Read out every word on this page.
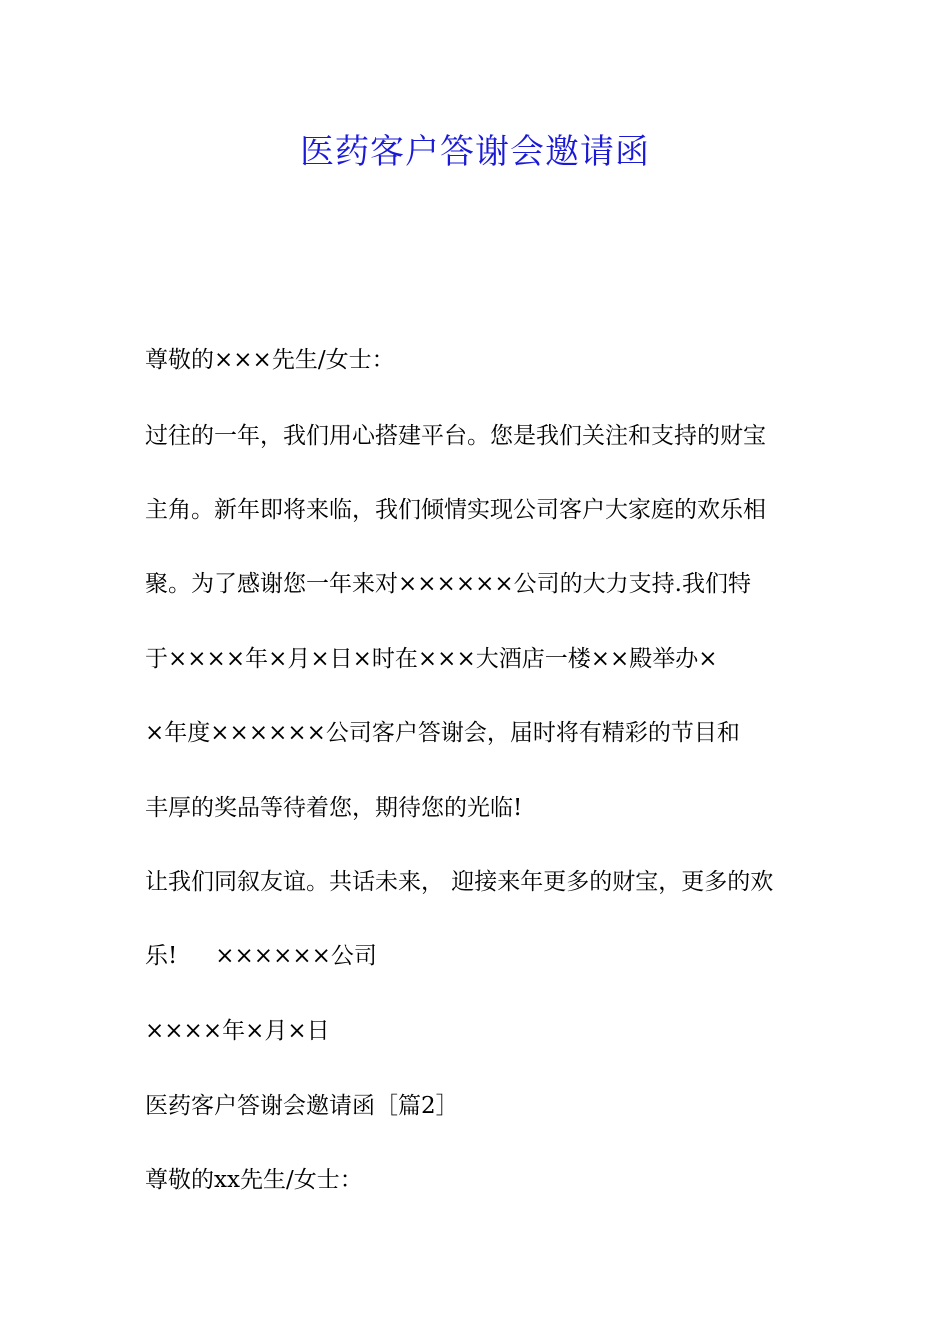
医药客户答谢会邀请函
尊敬的×××先生/女士：
过往的一年，我们用心搭建平台。您是我们关注和支持的财宝
主角。新年即将来临，我们倾情实现公司客户大家庭的欢乐相
聚。为了感谢您一年来对××××××公司的大力支持.我们特
于××××年×月×日×时在×××大酒店一楼××殿举办×
×年度××××××公司客户答谢会，届时将有精彩的节目和
丰厚的奖品等待着您，期待您的光临!
让我们同叙友谊。共话未来， 迎接来年更多的财宝，更多的欢
乐! ××××××公司
××××年×月×日
医药客户答谢会邀请函［篇2］
尊敬的xx先生/女士：
